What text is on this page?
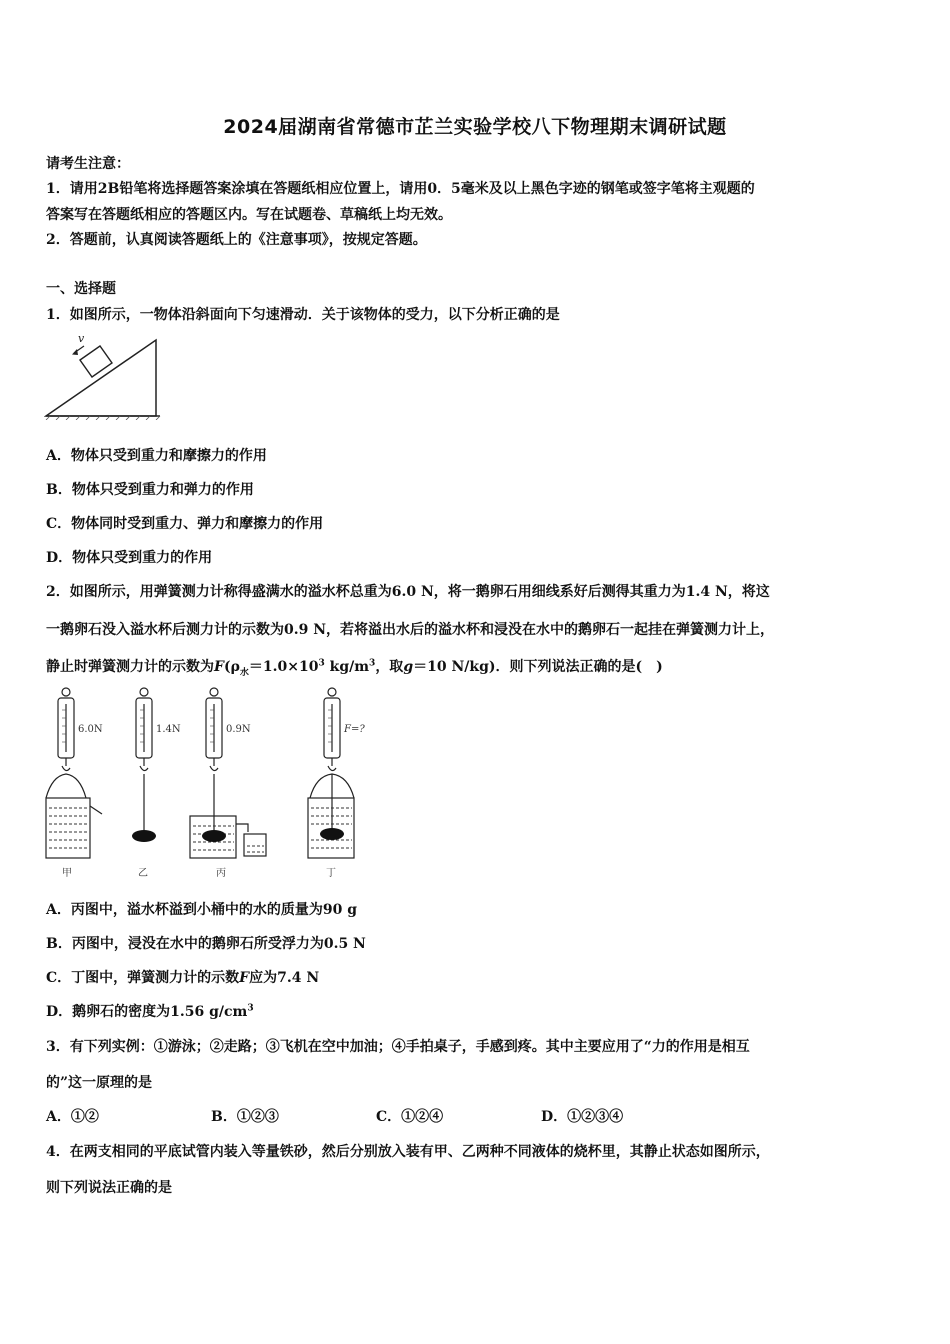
2024届湖南省常德市芷兰实验学校八下物理期末调研试题
请考生注意：
1．请用2B铅笔将选择题答案涂填在答题纸相应位置上，请用0．5毫米及以上黑色字迹的钢笔或签字笔将主观题的
答案写在答题纸相应的答题区内。写在试题卷、草稿纸上均无效。
2．答题前，认真阅读答题纸上的《注意事项》，按规定答题。
一、选择题
1．如图所示，一物体沿斜面向下匀速滑动．关于该物体的受力，以下分析正确的是
v
A．物体只受到重力和摩擦力的作用
B．物体只受到重力和弹力的作用
C．物体同时受到重力、弹力和摩擦力的作用
D．物体只受到重力的作用
2．如图所示，用弹簧测力计称得盛满水的溢水杯总重为6.0 N，将一鹅卵石用细线系好后测得其重力为1.4 N，将这
一鹅卵石没入溢水杯后测力计的示数为0.9 N，若将溢出水后的溢水杯和浸没在水中的鹅卵石一起挂在弹簧测力计上，
静止时弹簧测力计的示数为$F(\rho_水=1.0\times 10^3$ $kg/m^3$，取g＝10 N/kg)．则下列说法正确的是(　)
6.0N	1.4N	0.9N	F=?
甲	乙	丙	丁
A．丙图中，溢水杯溢到小桶中的水的质量为90 g
B．丙图中，浸没在水中的鹅卵石所受浮力为0.5 N
C．丁图中，弹簧测力计的示数F应为7.4 N
D．鹅卵石的密度为1.56 $g/cm^3$
3．有下列实例：①游泳；②走路；③飞机在空中加油；④手拍桌子，手感到疼。其中主要应用了“力的作用是相互
的”这一原理的是
A．①②	B．①②③	C．①②④	D．①②③④
4．在两支相同的平底试管内装入等量铁砂，然后分别放入装有甲、乙两种不同液体的烧杯里，其静止状态如图所示，
则下列说法正确的是
